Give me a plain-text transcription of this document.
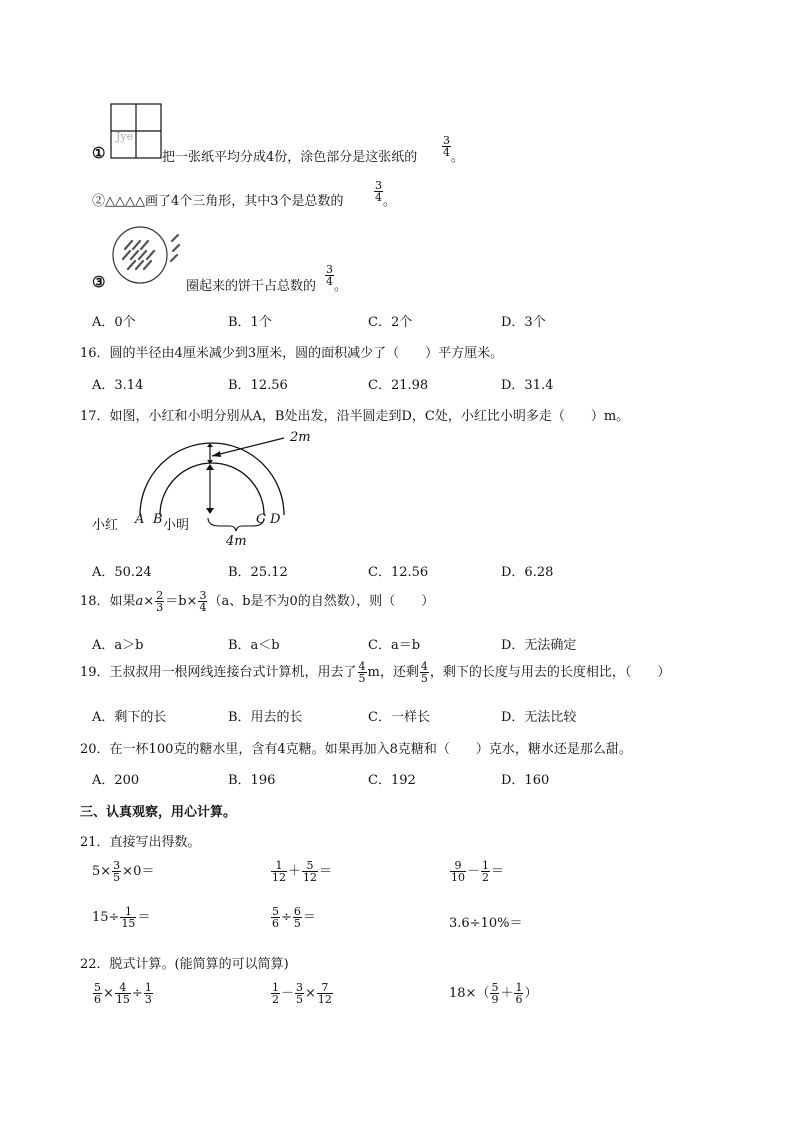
Jye
①	把一张纸平均分成4份，涂色部分是这张纸的 $\frac{3}{4}$ 。
②△△△△画了4个三角形，其中3个是总数的	$\frac{3}{4}$ 。
③	圈起来的饼干占总数的 $\frac{3}{4}$ 。
A．0个	B．1个	C．2个	D．3个
16．圆的半径由4厘米减少到3厘米，圆的面积减少了（　　）平方厘米。
A．3.14	B．12.56	C．21.98	D．31.4
17．如图，小红和小明分别从A，B处出发，沿半圆走到D，C处，小红比小明多走（　　）m。
2m
小红 A B 小明	C D
4m
A．50.24	B．25.12	C．12.56	D．6.28
18．如果$a\times \frac{2}{3} =b\times \frac{3}{4} (a$、b是不为0的自然数），则（　　）
A．a＞b	B．a＜b	C．a＝b	D．无法确定
19．王叔叔用一根网线连接台式计算机，用去了 $\frac{4}{5}$ m，还剩 $\frac{4}{5}$ ，剩下的长度与用去的长度相比，（　　）
A．剩下的长	B．用去的长	C．一样长	D．无法比较
20．在一杯100克的糖水里，含有4克糖。如果再加入8克糖和（　　）克水，糖水还是那么甜。
A．200	B．196	C．192	D．160
三、认真观察，用心计算。
21．直接写出得数。
$5\times \frac{3}{5} \times 0=$	$\frac{1}{12} + \frac{5}{12}$ ＝	$\frac{9}{10} - \frac{1}{2}$ ＝
$15\div \frac{1}{15}$ ＝	$\frac{5}{6} \div \frac{6}{5}$ ＝	3.6÷10%＝
22．脱式计算。(能简算的可以简算)
$\frac{5}{6} \times \frac{4}{15} \div \frac{1}{3}$	$\frac{1}{2} - \frac{3}{5} \times \frac{7}{12}$	$18\times( \frac{5}{9} + \frac{1}{6}$ ）
